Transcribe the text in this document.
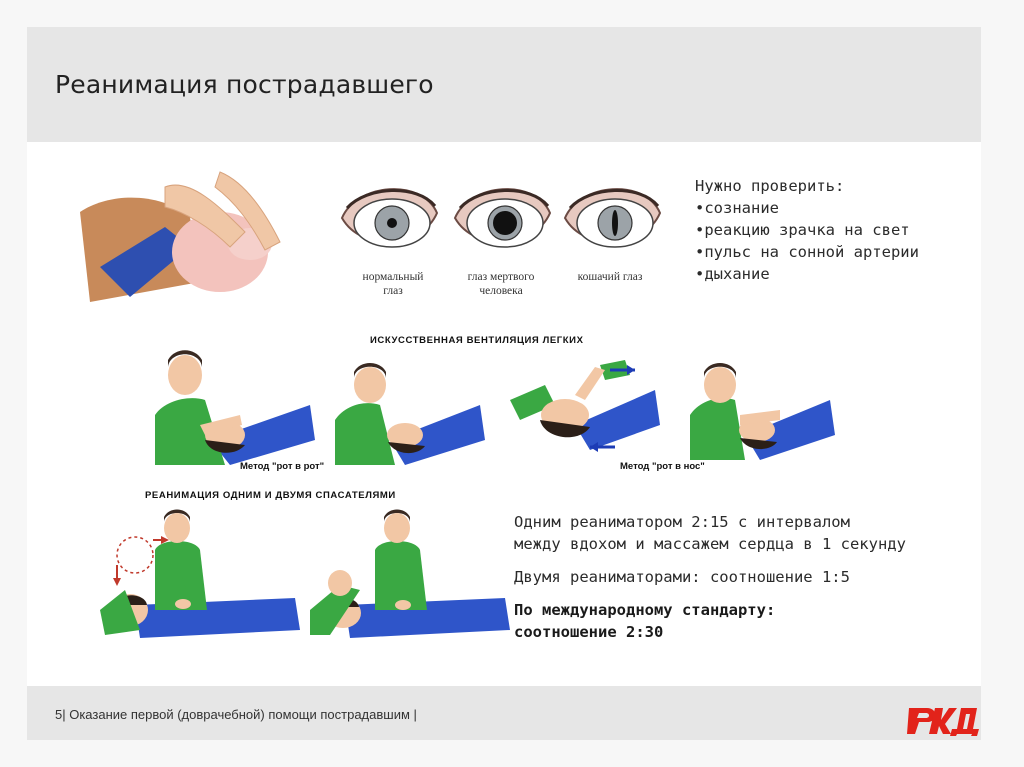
Реанимация пострадавшего
нормальный
глаз
глаз мертвого
человека
кошачий глаз
Нужно проверить:
•сознание
•реакцию зрачка на свет
•пульс на сонной артерии
•дыхание
ИСКУССТВЕННАЯ ВЕНТИЛЯЦИЯ ЛЕГКИХ
Метод "рот в рот"	Метод "рот в нос"
РЕАНИМАЦИЯ ОДНИМ И ДВУМЯ СПАСАТЕЛЯМИ
Одним реаниматором 2:15 с интервалом
между вдохом и массажем сердца в 1 секунду
Двумя реаниматорами: соотношение 1:5
По международному стандарту:
соотношение 2:30
5| Оказание первой (доврачебной) помощи пострадавшим |
